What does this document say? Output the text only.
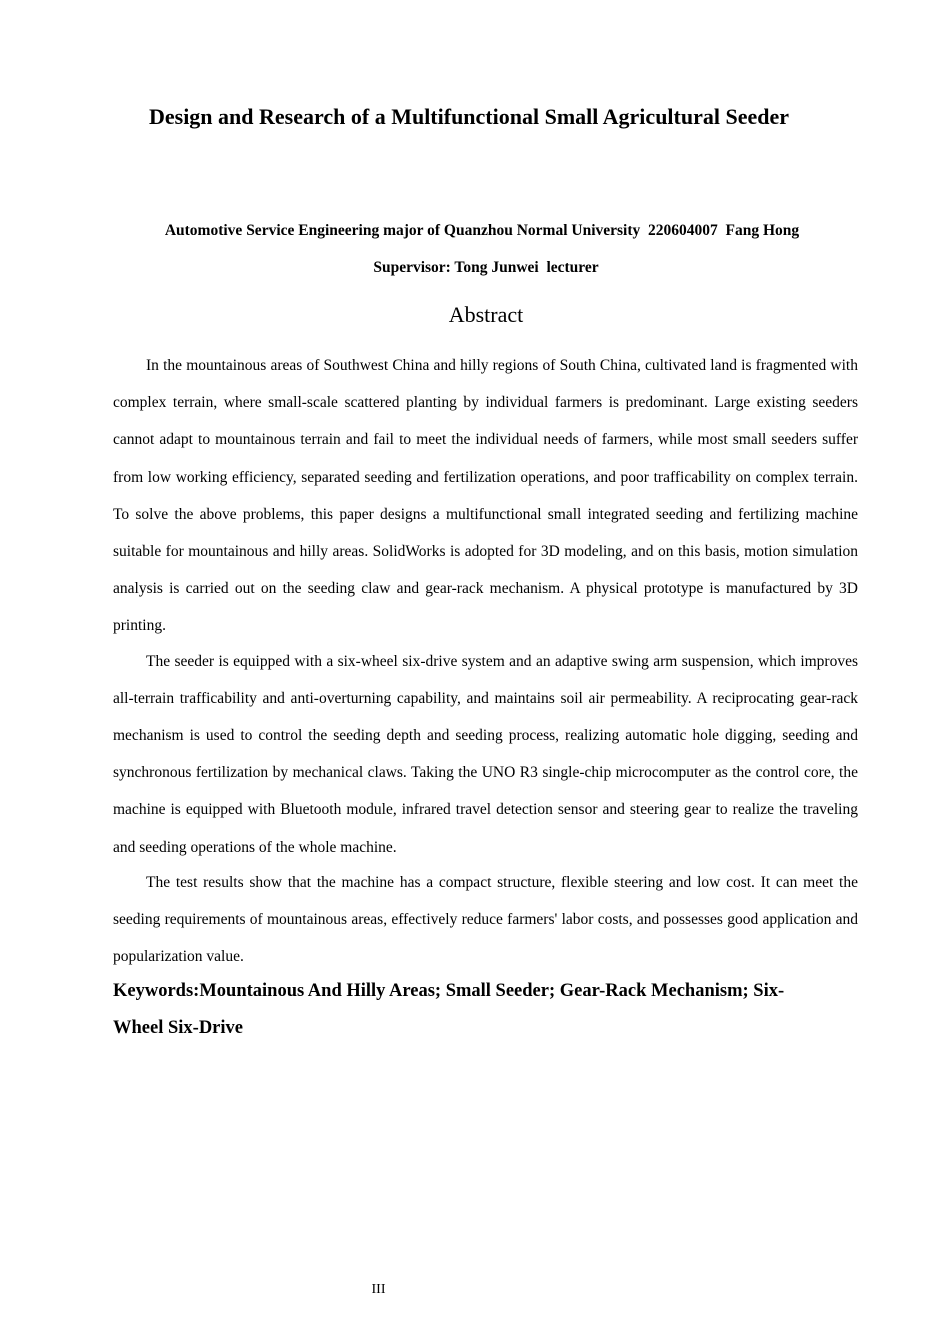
Design and Research of a Multifunctional Small Agricultural Seeder
Automotive Service Engineering major of Quanzhou Normal University  220604007  Fang Hong
Supervisor: Tong Junwei  lecturer
Abstract

In the mountainous areas of Southwest China and hilly regions of South China, cultivated land is fragmented with complex terrain, where small-scale scattered planting by individual farmers is predominant. Large existing seeders cannot adapt to mountainous terrain and fail to meet the individual needs of farmers, while most small seeders suffer from low working efficiency, separated seeding and fertilization operations, and poor trafficability on complex terrain. To solve the above problems, this paper designs a multifunctional small integrated seeding and fertilizing machine suitable for mountainous and hilly areas. SolidWorks is adopted for 3D modeling, and on this basis, motion simulation analysis is carried out on the seeding claw and gear-rack mechanism. A physical prototype is manufactured by 3D printing.

The seeder is equipped with a six-wheel six-drive system and an adaptive swing arm suspension, which improves all-terrain trafficability and anti-overturning capability, and maintains soil air permeability. A reciprocating gear-rack mechanism is used to control the seeding depth and seeding process, realizing automatic hole digging, seeding and synchronous fertilization by mechanical claws. Taking the UNO R3 single-chip microcomputer as the control core, the machine is equipped with Bluetooth module, infrared travel detection sensor and steering gear to realize the traveling and seeding operations of the whole machine.

The test results show that the machine has a compact structure, flexible steering and low cost. It can meet the seeding requirements of mountainous areas, effectively reduce farmers' labor costs, and possesses good application and popularization value.

Keywords:Mountainous And Hilly Areas; Small Seeder; Gear-Rack Mechanism; Six-Wheel Six-Drive

III
